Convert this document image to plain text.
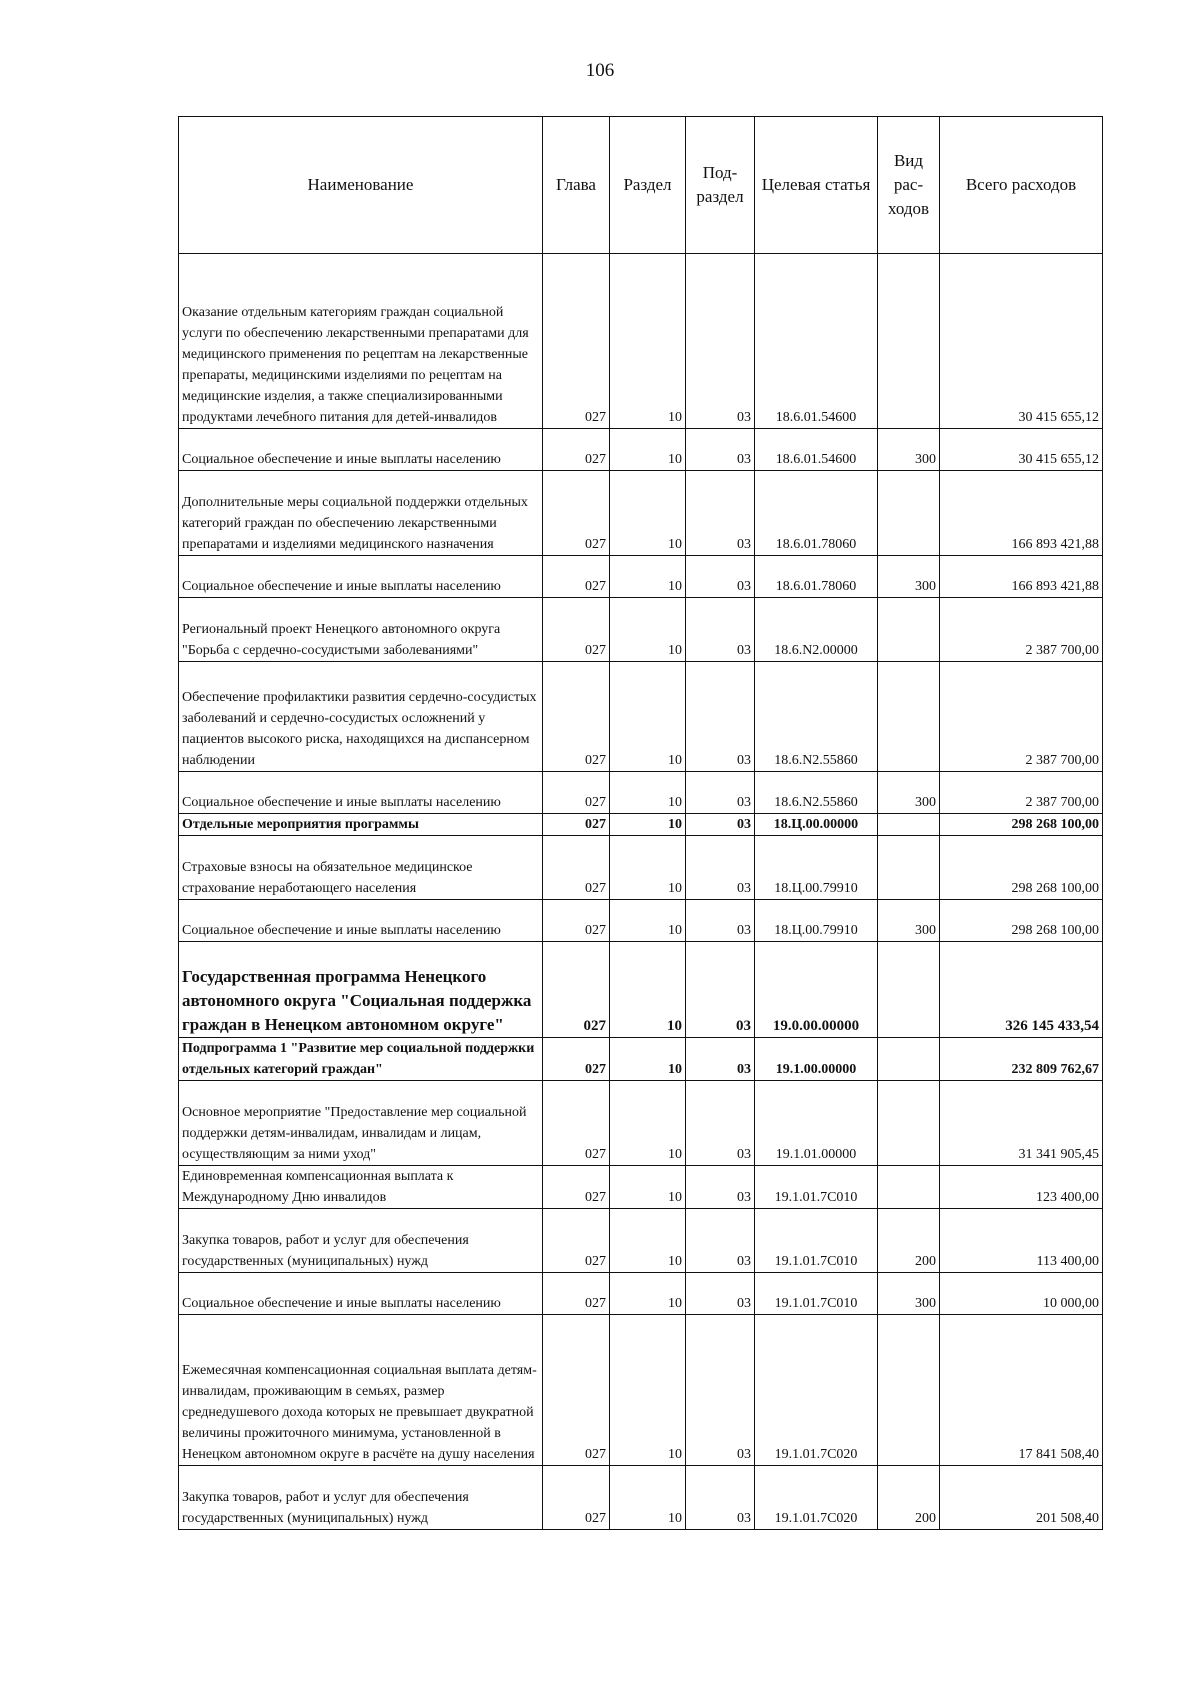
106
Наименование	Глава	Раздел	Под-раздел	Целевая статья	Вид рас-ходов	Всего расходов
Оказание отдельным категориям граждан социальной услуги по обеспечению лекарственными препаратами для медицинского применения по рецептам на лекарственные препараты, медицинскими изделиями по рецептам на медицинские изделия, а также специализированными продуктами лечебного питания для детей-инвалидов	027	10	03	18.6.01.54600		30 415 655,12
Социальное обеспечение и иные выплаты населению	027	10	03	18.6.01.54600	300	30 415 655,12
Дополнительные меры социальной поддержки отдельных категорий граждан по обеспечению лекарственными препаратами и изделиями медицинского назначения	027	10	03	18.6.01.78060		166 893 421,88
Социальное обеспечение и иные выплаты населению	027	10	03	18.6.01.78060	300	166 893 421,88
Региональный проект Ненецкого автономного округа "Борьба с сердечно-сосудистыми заболеваниями"	027	10	03	18.6.N2.00000		2 387 700,00
Обеспечение профилактики развития сердечно-сосудистых заболеваний и сердечно-сосудистых осложнений у пациентов высокого риска, находящихся на диспансерном наблюдении	027	10	03	18.6.N2.55860		2 387 700,00
Социальное обеспечение и иные выплаты населению	027	10	03	18.6.N2.55860	300	2 387 700,00
Отдельные мероприятия программы	027	10	03	18.Ц.00.00000		298 268 100,00
Страховые взносы на обязательное медицинское страхование неработающего населения	027	10	03	18.Ц.00.79910		298 268 100,00
Социальное обеспечение и иные выплаты населению	027	10	03	18.Ц.00.79910	300	298 268 100,00
Государственная программа Ненецкого автономного округа "Социальная поддержка граждан в Ненецком автономном округе"	027	10	03	19.0.00.00000		326 145 433,54
Подпрограмма 1 "Развитие мер социальной поддержки отдельных категорий граждан"	027	10	03	19.1.00.00000		232 809 762,67
Основное мероприятие "Предоставление мер социальной поддержки детям-инвалидам, инвалидам и лицам, осуществляющим за ними уход"	027	10	03	19.1.01.00000		31 341 905,45
Единовременная компенсационная выплата к Международному Дню инвалидов	027	10	03	19.1.01.7С010		123 400,00
Закупка товаров, работ и услуг для обеспечения государственных (муниципальных) нужд	027	10	03	19.1.01.7С010	200	113 400,00
Социальное обеспечение и иные выплаты населению	027	10	03	19.1.01.7С010	300	10 000,00
Ежемесячная компенсационная социальная выплата детям-инвалидам, проживающим в семьях, размер среднедушевого дохода которых не превышает двукратной величины прожиточного минимума, установленной в Ненецком автономном округе в расчёте на душу населения	027	10	03	19.1.01.7С020		17 841 508,40
Закупка товаров, работ и услуг для обеспечения государственных (муниципальных) нужд	027	10	03	19.1.01.7С020	200	201 508,40
